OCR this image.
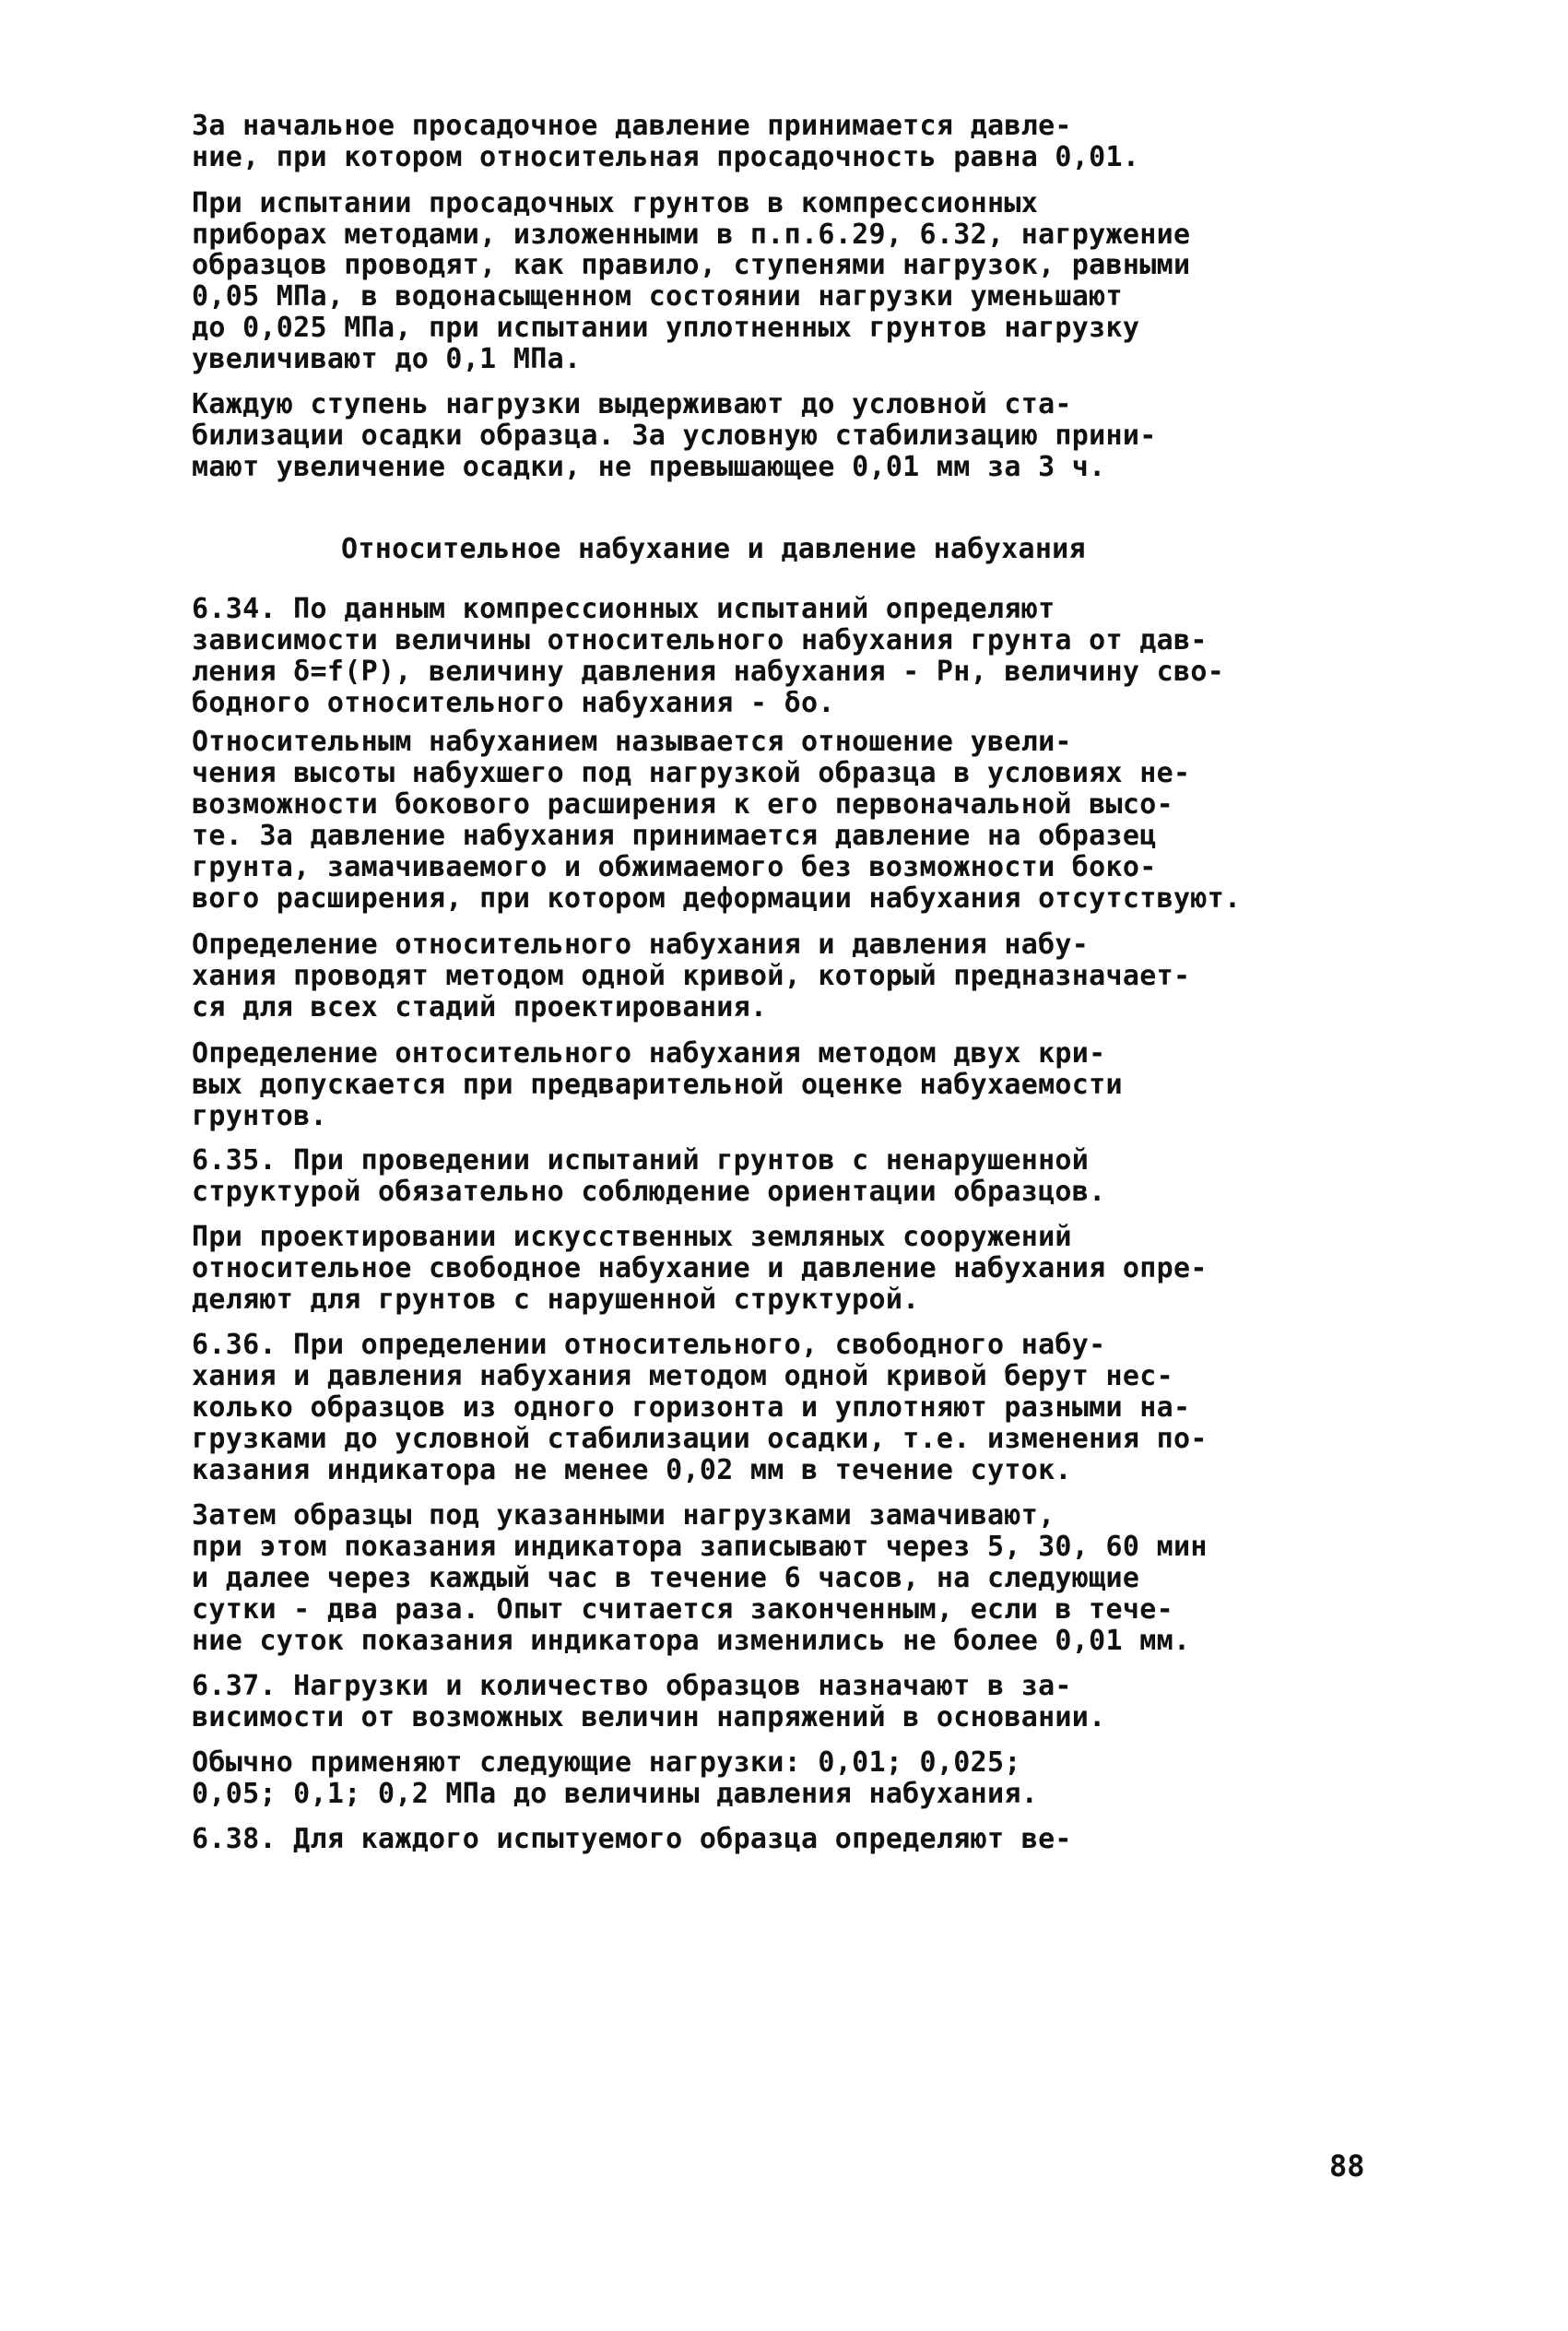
За начальное просадочное давление принимается давле-
ние, при котором относительная просадочность равна 0,01.
При испытании просадочных грунтов в компрессионных
приборах методами, изложенными в п.п.6.29, 6.32, нагружение
образцов проводят, как правило, ступенями нагрузок, равными
0,05 МПа, в водонасыщенном состоянии нагрузки уменьшают
до 0,025 МПа, при испытании уплотненных грунтов нагрузку
увеличивают до 0,1 МПа.
Каждую ступень нагрузки выдерживают до условной ста-
билизации осадки образца. За условную стабилизацию прини-
мают увеличение осадки, не превышающее 0,01 мм за 3 ч.
Относительное набухание и давление набухания
6.34. По данным компрессионных испытаний определяют
зависимости величины относительного набухания грунта от дав-
ления δ=f(P), величину давления набухания - Pн, величину сво-
бодного относительного набухания - δo.
Относительным набуханием называется отношение увели-
чения высоты набухшего под нагрузкой образца в условиях не-
возможности бокового расширения к его первоначальной высо-
те. За давление набухания принимается давление на образец
грунта, замачиваемого и обжимаемого без возможности боко-
вого расширения, при котором деформации набухания отсутствуют.
Определение относительного набухания и давления набу-
хания проводят методом одной кривой, который предназначает-
ся для всех стадий проектирования.
Определение онтосительного набухания методом двух кри-
вых допускается при предварительной оценке набухаемости
грунтов.
6.35. При проведении испытаний грунтов с ненарушенной
структурой обязательно соблюдение ориентации образцов.
При проектировании искусственных земляных сооружений
относительное свободное набухание и давление набухания опре-
деляют для грунтов с нарушенной структурой.
6.36. При определении относительного, свободного набу-
хания и давления набухания методом одной кривой берут нес-
колько образцов из одного горизонта и уплотняют разными на-
грузками до условной стабилизации осадки, т.е. изменения по-
казания индикатора не менее 0,02 мм в течение суток.
Затем образцы под указанными нагрузками замачивают,
при этом показания индикатора записывают через 5, 30, 60 мин
и далее через каждый час в течение 6 часов, на следующие
сутки - два раза. Опыт считается законченным, если в тече-
ние суток показания индикатора изменились не более 0,01 мм.
6.37. Нагрузки и количество образцов назначают в за-
висимости от возможных величин напряжений в основании.
Обычно применяют следующие нагрузки: 0,01; 0,025;
0,05; 0,1; 0,2 МПа до величины давления набухания.
6.38. Для каждого испытуемого образца определяют ве-
88
